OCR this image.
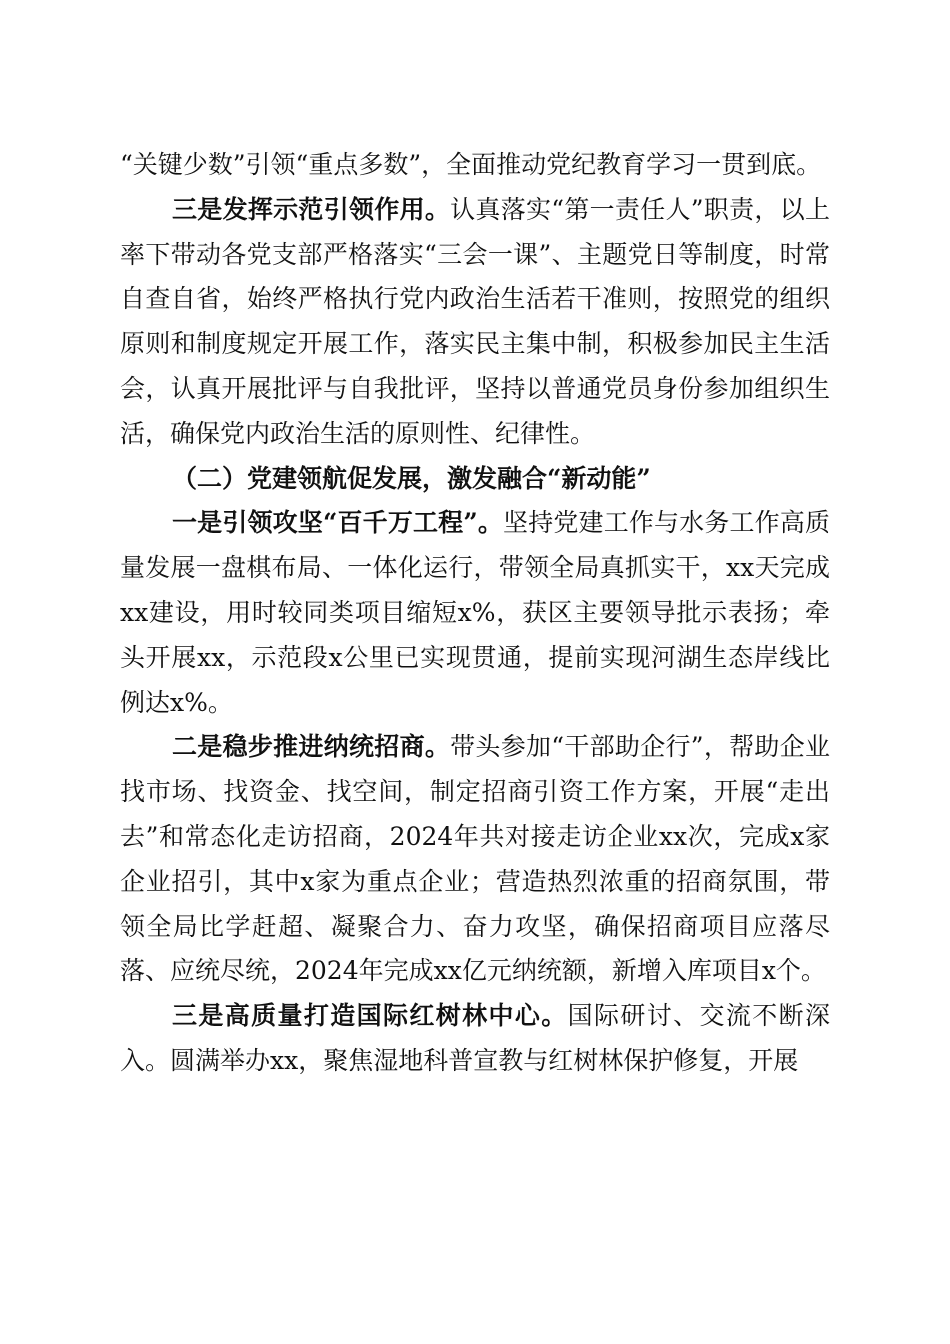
“关键少数”引领“重点多数”，全面推动党纪教育学习一贯到底。

三是发挥示范引领作用。认真落实“第一责任人”职责，以上率下带动各党支部严格落实“三会一课”、主题党日等制度，时常自查自省，始终严格执行党内政治生活若干准则，按照党的组织原则和制度规定开展工作，落实民主集中制，积极参加民主生活会，认真开展批评与自我批评，坚持以普通党员身份参加组织生活，确保党内政治生活的原则性、纪律性。

（二）党建领航促发展，激发融合“新动能”

一是引领攻坚“百千万工程”。坚持党建工作与水务工作高质量发展一盘棋布局、一体化运行，带领全局真抓实干，xx天完成xx建设，用时较同类项目缩短x%，获区主要领导批示表扬；牵头开展xx，示范段x公里已实现贯通，提前实现河湖生态岸线比例达x%。

二是稳步推进纳统招商。带头参加“干部助企行”，帮助企业找市场、找资金、找空间，制定招商引资工作方案，开展“走出去”和常态化走访招商，2024年共对接走访企业xx次，完成x家企业招引，其中x家为重点企业；营造热烈浓重的招商氛围，带领全局比学赶超、凝聚合力、奋力攻坚，确保招商项目应落尽落、应统尽统，2024年完成xx亿元纳统额，新增入库项目x个。

三是高质量打造国际红树林中心。国际研讨、交流不断深入。圆满举办xx，聚焦湿地科普宣教与红树林保护修复，开展
